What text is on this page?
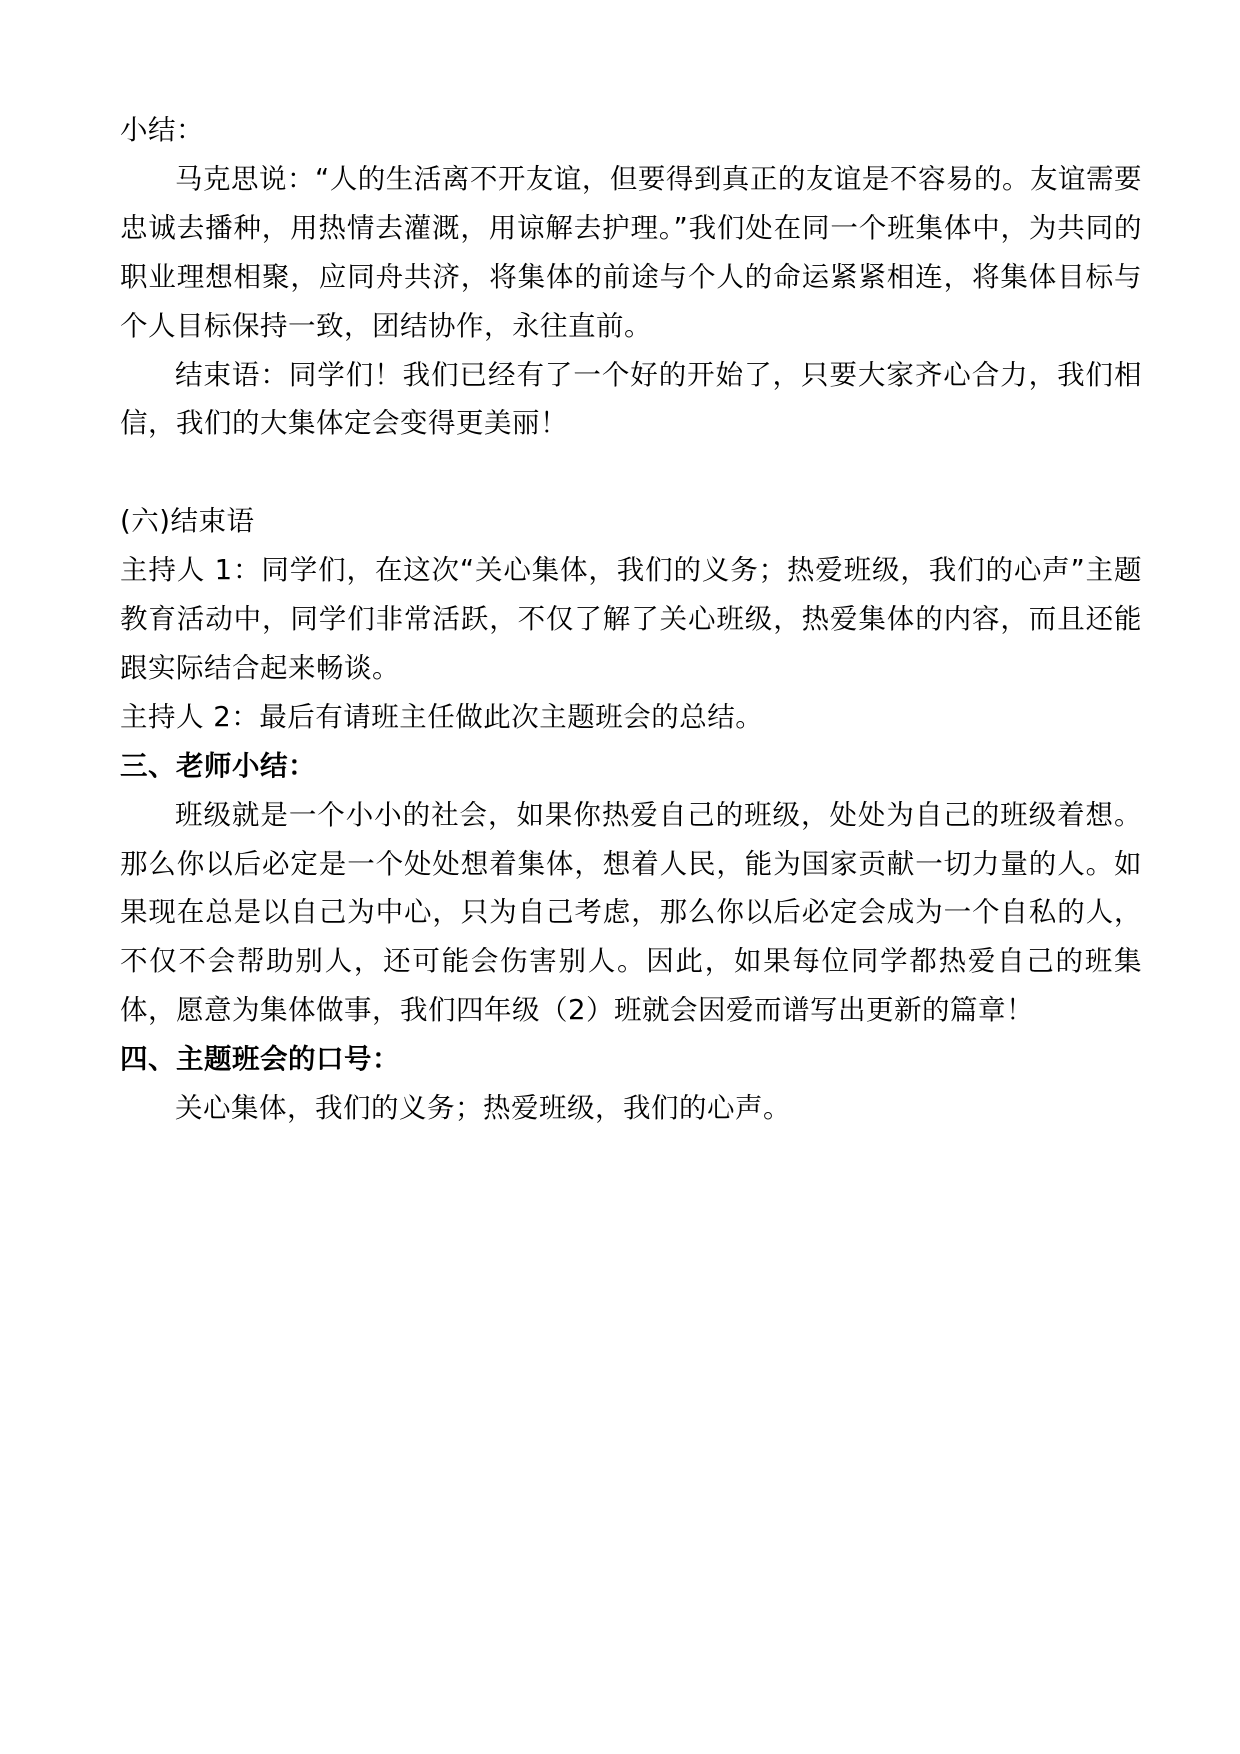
小结：

马克思说：“人的生活离不开友谊，但要得到真正的友谊是不容易的。友谊需要忠诚去播种，用热情去灌溉，用谅解去护理。”我们处在同一个班集体中，为共同的职业理想相聚，应同舟共济，将集体的前途与个人的命运紧紧相连，将集体目标与个人目标保持一致，团结协作，永往直前。

结束语：同学们！我们已经有了一个好的开始了，只要大家齐心合力，我们相信，我们的大集体定会变得更美丽！

(六)结束语

主持人 1：同学们，在这次“关心集体，我们的义务；热爱班级，我们的心声”主题教育活动中，同学们非常活跃，不仅了解了关心班级，热爱集体的内容，而且还能跟实际结合起来畅谈。

主持人 2：最后有请班主任做此次主题班会的总结。

三、老师小结：

班级就是一个小小的社会，如果你热爱自己的班级，处处为自己的班级着想。那么你以后必定是一个处处想着集体，想着人民，能为国家贡献一切力量的人。如果现在总是以自己为中心，只为自己考虑，那么你以后必定会成为一个自私的人，不仅不会帮助别人，还可能会伤害别人。因此，如果每位同学都热爱自己的班集体，愿意为集体做事，我们四年级（2）班就会因爱而谱写出更新的篇章！

四、主题班会的口号：

关心集体，我们的义务；热爱班级，我们的心声。
